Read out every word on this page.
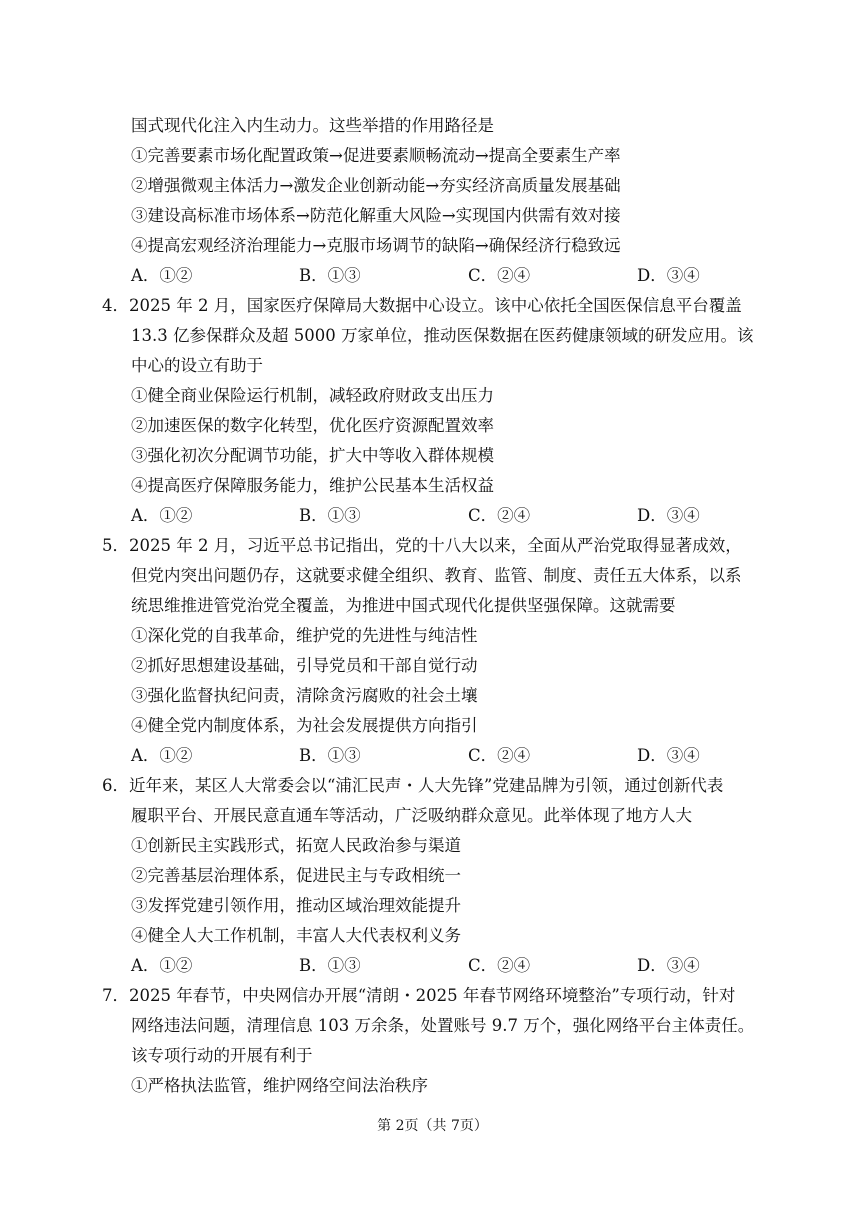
国式现代化注入内生动力。这些举措的作用路径是
①完善要素市场化配置政策→促进要素顺畅流动→提高全要素生产率
②增强微观主体活力→激发企业创新动能→夯实经济高质量发展基础
③建设高标准市场体系→防范化解重大风险→实现国内供需有效对接
④提高宏观经济治理能力→克服市场调节的缺陷→确保经济行稳致远
A．①②	B．①③	C．②④	D．③④
4．2025 年 2 月，国家医疗保障局大数据中心设立。该中心依托全国医保信息平台覆盖
13.3 亿参保群众及超 5000 万家单位，推动医保数据在医药健康领域的研发应用。该
中心的设立有助于
①健全商业保险运行机制，减轻政府财政支出压力
②加速医保的数字化转型，优化医疗资源配置效率
③强化初次分配调节功能，扩大中等收入群体规模
④提高医疗保障服务能力，维护公民基本生活权益
A．①②	B．①③	C．②④	D．③④
5．2025 年 2 月，习近平总书记指出，党的十八大以来，全面从严治党取得显著成效，
但党内突出问题仍存，这就要求健全组织、教育、监管、制度、责任五大体系，以系
统思维推进管党治党全覆盖，为推进中国式现代化提供坚强保障。这就需要
①深化党的自我革命，维护党的先进性与纯洁性
②抓好思想建设基础，引导党员和干部自觉行动
③强化监督执纪问责，清除贪污腐败的社会土壤
④健全党内制度体系，为社会发展提供方向指引
A．①②	B．①③	C．②④	D．③④
6．近年来，某区人大常委会以“浦汇民声・人大先锋”党建品牌为引领，通过创新代表
履职平台、开展民意直通车等活动，广泛吸纳群众意见。此举体现了地方人大
①创新民主实践形式，拓宽人民政治参与渠道
②完善基层治理体系，促进民主与专政相统一
③发挥党建引领作用，推动区域治理效能提升
④健全人大工作机制，丰富人大代表权利义务
A．①②	B．①③	C．②④	D．③④
7．2025 年春节，中央网信办开展“清朗・2025 年春节网络环境整治”专项行动，针对
网络违法问题，清理信息 103 万余条，处置账号 9.7 万个，强化网络平台主体责任。
该专项行动的开展有利于
①严格执法监管，维护网络空间法治秩序
第 2页（共 7页）
